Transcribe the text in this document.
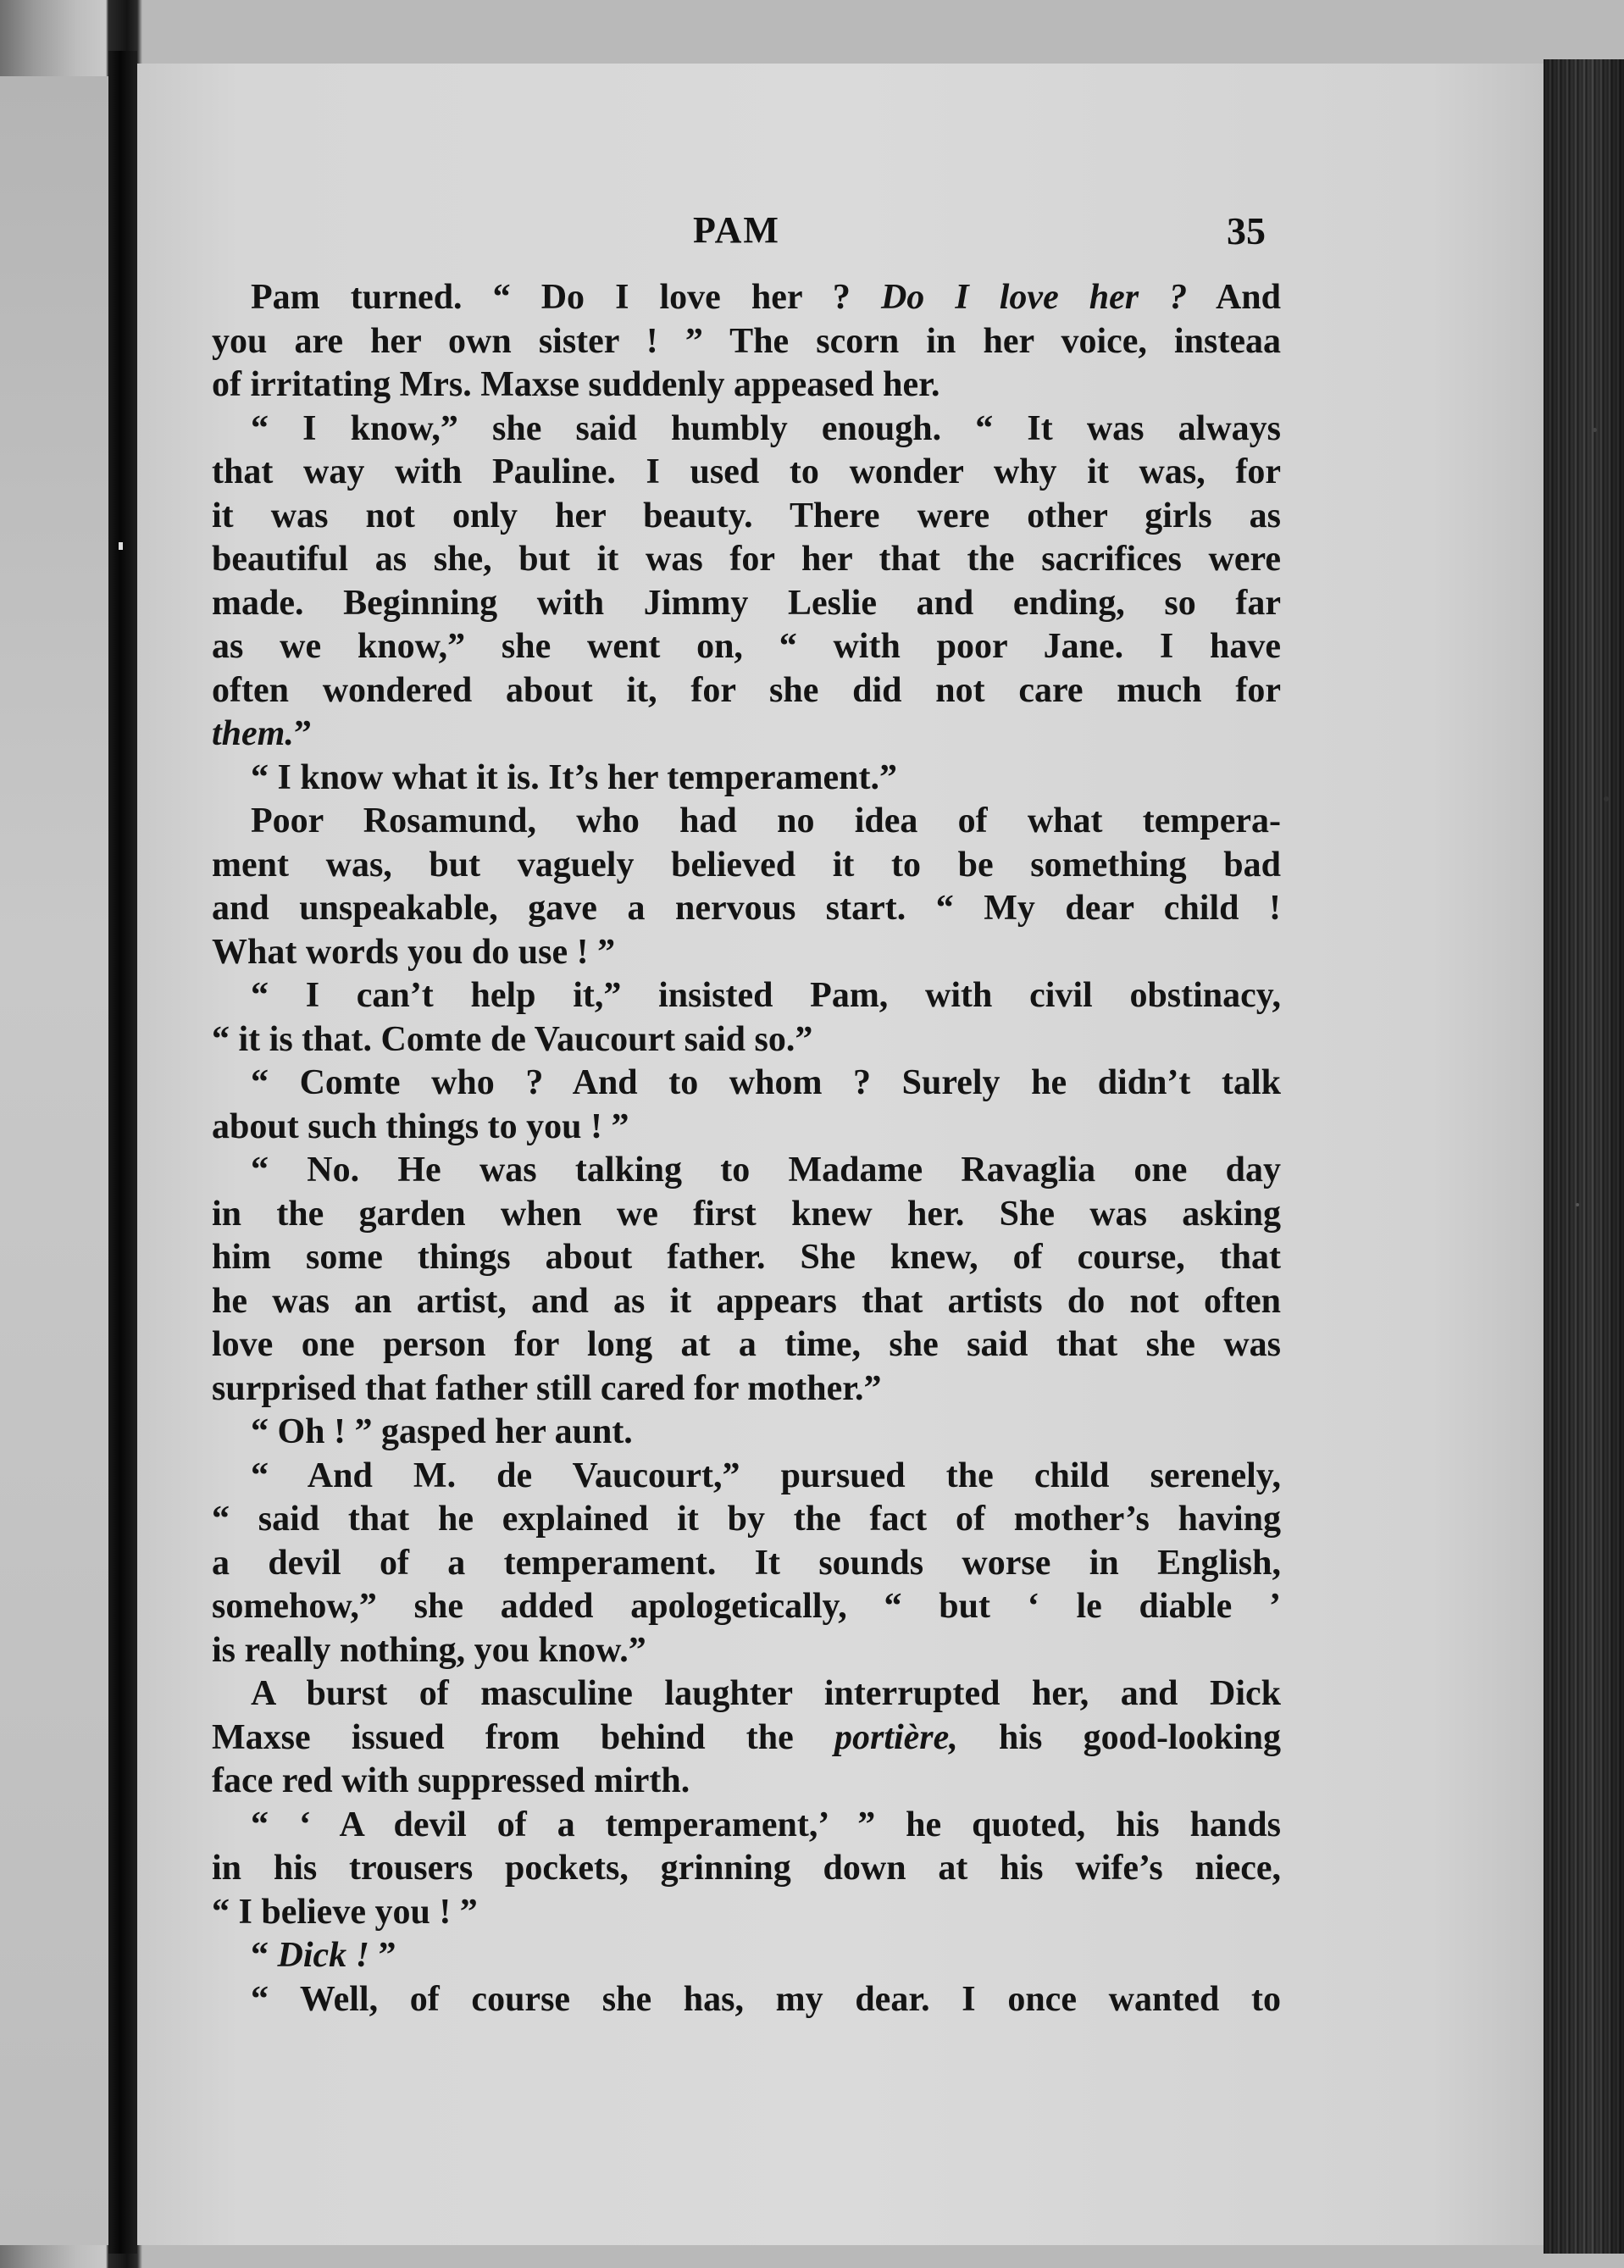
PAM	35
Pam turned. “ Do I love her ? Do I love her ? And
you are her own sister ! ” The scorn in her voice, insteaa
of irritating Mrs. Maxse suddenly appeased her.
“ I know,” she said humbly enough. “ It was always
that way with Pauline. I used to wonder why it was, for
it was not only her beauty. There were other girls as
beautiful as she, but it was for her that the sacrifices were
made. Beginning with Jimmy Leslie and ending, so far
as we know,” she went on, “ with poor Jane. I have
often wondered about it, for she did not care much for
them.”
“ I know what it is. It’s her temperament.”
Poor Rosamund, who had no idea of what tempera-
ment was, but vaguely believed it to be something bad
and unspeakable, gave a nervous start. “ My dear child !
What words you do use ! ”
“ I can’t help it,” insisted Pam, with civil obstinacy,
“ it is that. Comte de Vaucourt said so.”
“ Comte who ? And to whom ? Surely he didn’t talk
about such things to you ! ”
“ No. He was talking to Madame Ravaglia one day
in the garden when we first knew her. She was asking
him some things about father. She knew, of course, that
he was an artist, and as it appears that artists do not often
love one person for long at a time, she said that she was
surprised that father still cared for mother.”
“ Oh ! ” gasped her aunt.
“ And M. de Vaucourt,” pursued the child serenely,
“ said that he explained it by the fact of mother’s having
a devil of a temperament. It sounds worse in English,
somehow,” she added apologetically, “ but ‘ le diable ’
is really nothing, you know.”
A burst of masculine laughter interrupted her, and Dick
Maxse issued from behind the portière, his good-looking
face red with suppressed mirth.
“ ‘ A devil of a temperament,’ ” he quoted, his hands
in his trousers pockets, grinning down at his wife’s niece,
“ I believe you ! ”
“ Dick ! ”
“ Well, of course she has, my dear. I once wanted to
